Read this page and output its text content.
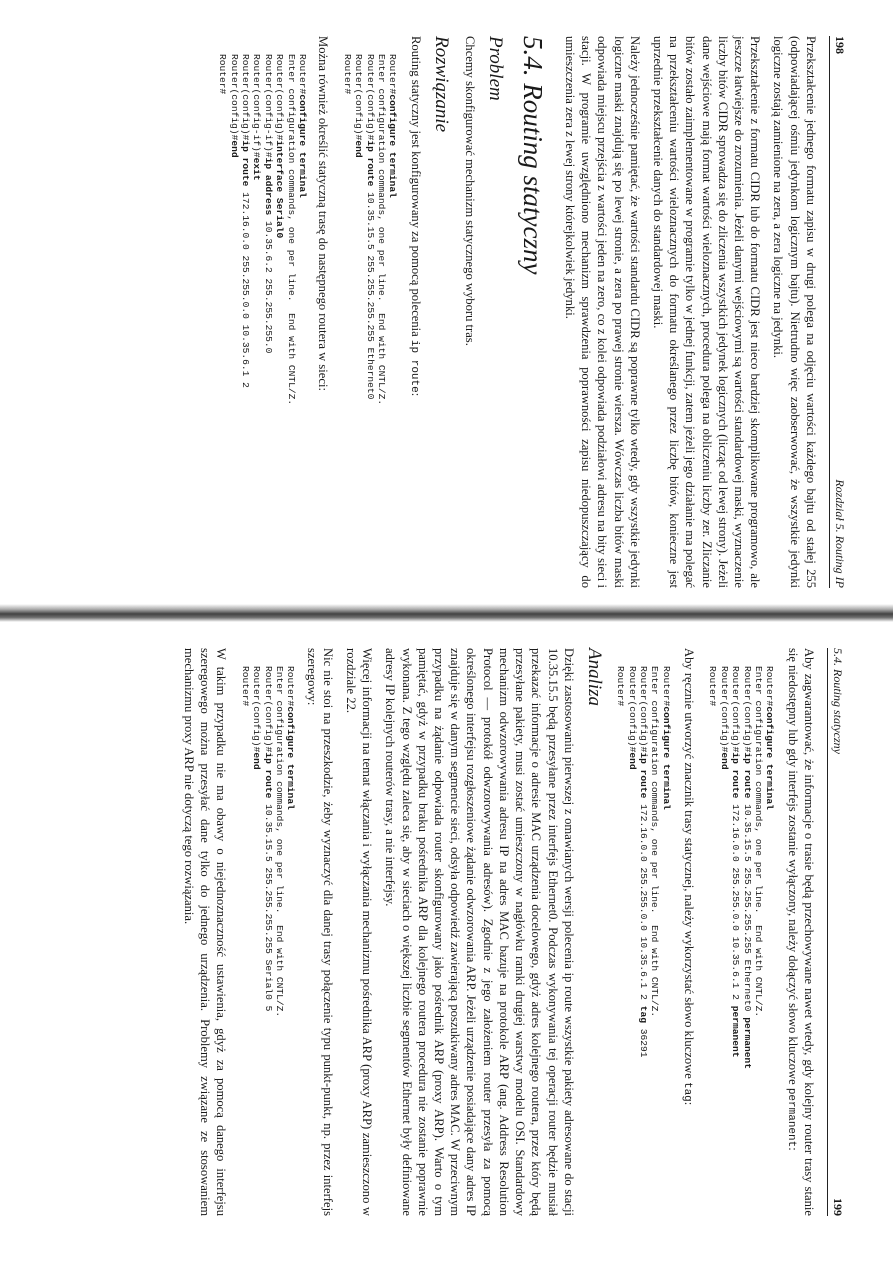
198
Rozdział 5. Routing IP

Przekształcenie jednego formatu zapisu w drugi polega na odjęciu wartości każdego bajtu od stałej 255 (odpowiadającej ośmiu jedynkom logicznym bajtu). Nietrudno więc zaobserwować, że wszystkie jedynki logiczne zostają zamienione na zera, a zera logiczne na jedynki.

Przekształcenie z formatu CIDR lub do formatu CIDR jest nieco bardziej skomplikowane programowo, ale jeszcze łatwiejsze do zrozumienia. Jeżeli danymi wejściowymi są wartości standardowej maski, wyznaczenie liczby bitów CIDR sprowadza się do zliczenia wszystkich jedynek logicznych (licząc od lewej strony). Jeżeli dane wejściowe mają format wartości wieloznacznych, procedura polega na obliczeniu liczby zer. Zliczanie bitów zostało zaimplementowane w programie tylko w jednej funkcji, zatem jeżeli jego działanie ma polegać na przekształceniu wartości wieloznacznych do formatu określanego przez liczbę bitów, konieczne jest uprzednie przekształcenie danych do standardowej maski.

Należy jednocześnie pamiętać, że wartości standardu CIDR są poprawne tylko wtedy, gdy wszystkie jedynki logiczne maski znajdują się po lewej stronie, a zera po prawej stronie wiersza. Wówczas liczba bitów maski odpowiada miejscu przejścia z wartości jeden na zero, co z kolei odpowiada podziałowi adresu na bity sieci i stacji. W programie uwzględniono mechanizm sprawdzenia poprawności zapisu niedopuszczający do umieszczenia zera z lewej strony którejkolwiek jedynki.

5.4. Routing statyczny
Problem

Chcemy skonfigurować mechanizm statycznego wyboru tras.

Rozwiązanie

Routing statyczny jest konfigurowany za pomocą polecenia ip route:

Router#configure terminal
Enter configuration commands, one per line.  End with CNTL/Z.
Router(config)#ip route 10.35.15.5 255.255.255.255 Ethernet0
Router(config)#end
Router#

Można również określić statyczną trasę do następnego routera w sieci:

Router#configure terminal
Enter configuration commands, one per line.  End with CNTL/Z.
Router(config)#interface Serial0
Router(config-if)#ip address 10.35.6.2 255.255.255.0
Router(config-if)#exit
Router(config)#ip route 172.16.0.0 255.255.0.0 10.35.6.1 2
Router(config)#end
Router#
5.4. Routing statyczny
199

Aby zagwarantować, że informacje o trasie będą przechowywane nawet wtedy, gdy kolejny router trasy stanie się niedostępny lub gdy interfejs zostanie wyłączony, należy dołączyć słowo kluczowe permanent:

Router#configure terminal
Enter configuration commands, one per line.  End with CNTL/Z.
Router(config)#ip route 10.35.15.5 255.255.255.255 Ethernet0 permanent
Router(config)#ip route 172.16.0.0 255.255.0.0 10.35.6.1 2 permanent
Router(config)#end
Router#

Aby ręcznie utworzyć znacznik trasy statycznej, należy wykorzystać słowo kluczowe tag:

Router#configure terminal
Enter configuration commands, one per line.  End with CNTL/Z.
Router(config)#ip route 172.16.0.0 255.255.0.0 10.35.6.1 2 tag 36291
Router(config)#end
Router#
Analiza

Dzięki zastosowaniu pierwszej z omawianych wersji polecenia ip route wszystkie pakiety adresowane do stacji 10.35.15.5 będą przesyłane przez interfejs Ethernet0. Podczas wykonywania tej operacji router będzie musiał przekazać informacje o adresie MAC urządzenia docelowego, gdyż adres kolejnego routera, przez który będą przesyłane pakiety, musi zostać umieszczony w nagłówku ramki drugiej warstwy modelu OSI. Standardowy mechanizm odwzorowywania adresu IP na adres MAC bazuje na protokole ARP (ang. Address Resolution Protocol — protokół odwzorowywania adresów). Zgodnie z jego założeniem router przesyła za pomocą określonego interfejsu rozgłoszeniowe żądanie odwzorowania ARP. Jeżeli urządzenie posiadające dany adres IP znajduje się w danym segmencie sieci, odsyła odpowiedź zawierającą poszukiwany adres MAC. W przeciwnym przypadku na żądanie odpowiada router skonfigurowany jako pośrednik ARP (proxy ARP). Warto o tym pamiętać, gdyż w przypadku braku pośrednika ARP dla kolejnego routera procedura nie zostanie poprawnie wykonana. Z tego względu zaleca się, aby w sieciach o większej liczbie segmentów Ethernet były definiowane adresy IP kolejnych routerów trasy, a nie interfejsy.

Więcej informacji na temat włączania i wyłączania mechanizmu pośrednika ARP (proxy ARP) zamieszczono w rozdziale 22.

Nic nie stoi na przeszkodzie, żeby wyznaczyć dla danej trasy połączenie typu punkt-punkt, np. przez interfejs szeregowy:

Router#configure terminal
Enter configuration commands, one per line.  End with CNTL/Z.
Router(config)#ip route 10.35.15.5 255.255.255.255 Serial0 5
Router(config)#end
Router#

W takim przypadku nie ma obawy o niejednoznaczność ustawienia, gdyż za pomocą danego interfejsu szeregowego można przesyłać dane tylko do jednego urządzenia. Problemy związane ze stosowaniem mechanizmu proxy ARP nie dotyczą tego rozwiązania.
